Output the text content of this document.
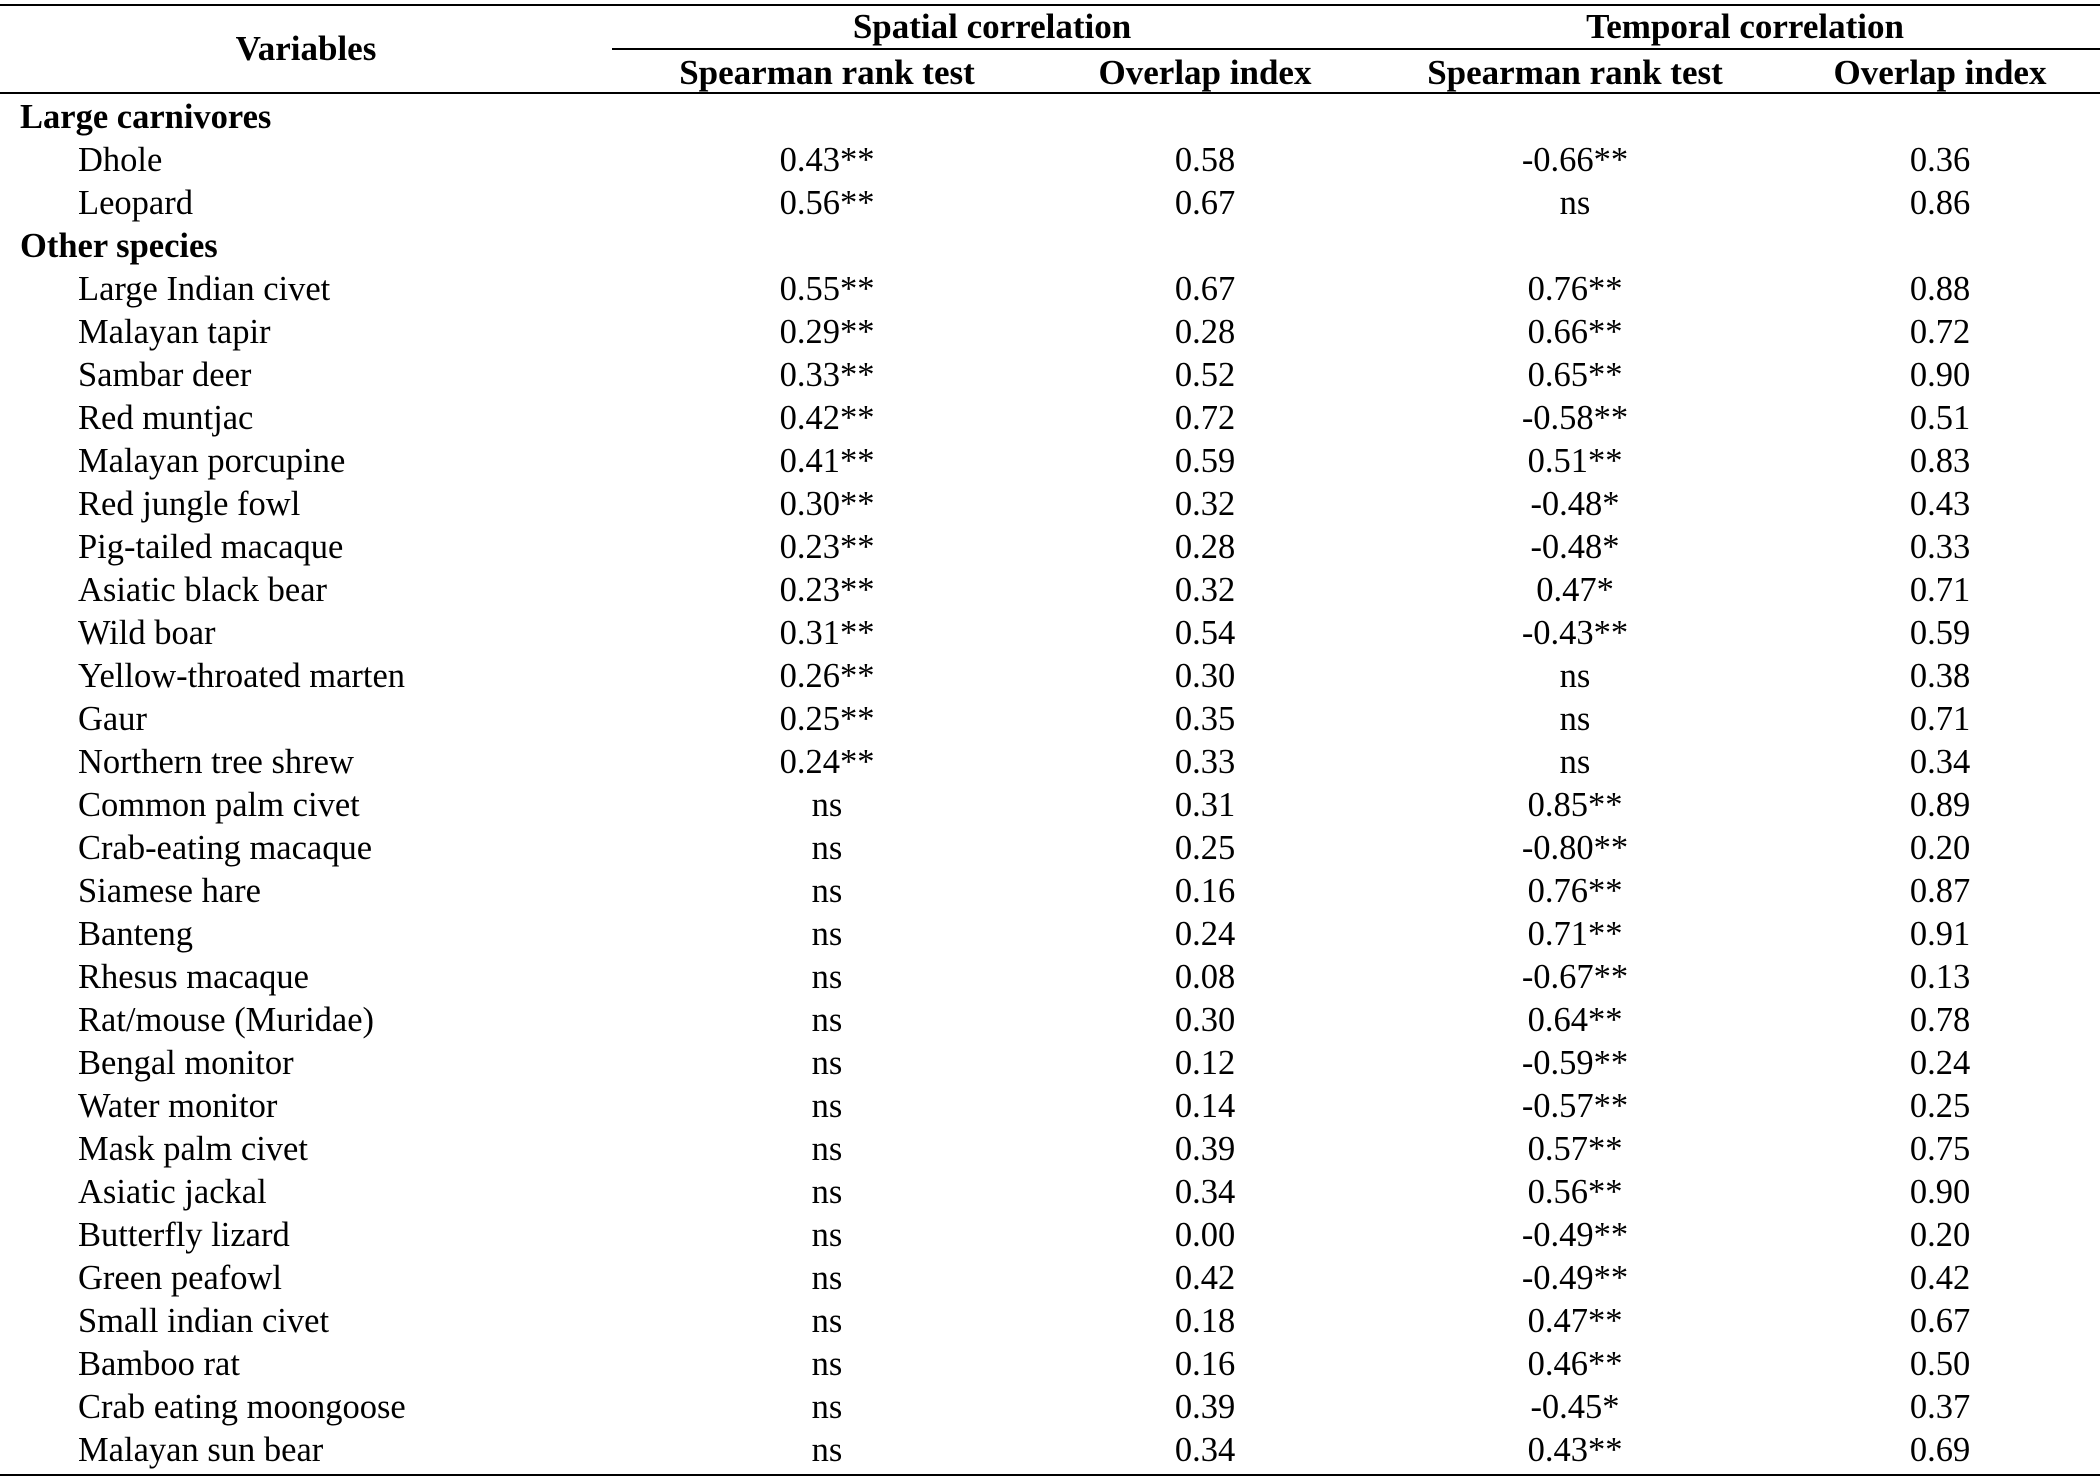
Variables
Spatial correlation	Temporal correlation
Spearman rank test	Overlap index	Spearman rank test	Overlap index
Large carnivores
Dhole	0.43**	0.58	-0.66**	0.36
Leopard	0.56**	0.67	ns	0.86
Other species
Large Indian civet	0.55**	0.67	0.76**	0.88
Malayan tapir	0.29**	0.28	0.66**	0.72
Sambar deer	0.33**	0.52	0.65**	0.90
Red muntjac	0.42**	0.72	-0.58**	0.51
Malayan porcupine	0.41**	0.59	0.51**	0.83
Red jungle fowl	0.30**	0.32	-0.48*	0.43
Pig-tailed macaque	0.23**	0.28	-0.48*	0.33
Asiatic black bear	0.23**	0.32	0.47*	0.71
Wild boar	0.31**	0.54	-0.43**	0.59
Yellow-throated marten	0.26**	0.30	ns	0.38
Gaur	0.25**	0.35	ns	0.71
Northern tree shrew	0.24**	0.33	ns	0.34
Common palm civet	ns	0.31	0.85**	0.89
Crab-eating macaque	ns	0.25	-0.80**	0.20
Siamese hare	ns	0.16	0.76**	0.87
Banteng	ns	0.24	0.71**	0.91
Rhesus macaque	ns	0.08	-0.67**	0.13
Rat/mouse (Muridae)	ns	0.30	0.64**	0.78
Bengal monitor	ns	0.12	-0.59**	0.24
Water monitor	ns	0.14	-0.57**	0.25
Mask palm civet	ns	0.39	0.57**	0.75
Asiatic jackal	ns	0.34	0.56**	0.90
Butterfly lizard	ns	0.00	-0.49**	0.20
Green peafowl	ns	0.42	-0.49**	0.42
Small indian civet	ns	0.18	0.47**	0.67
Bamboo rat	ns	0.16	0.46**	0.50
Crab eating moongoose	ns	0.39	-0.45*	0.37
Malayan sun bear	ns	0.34	0.43**	0.69
